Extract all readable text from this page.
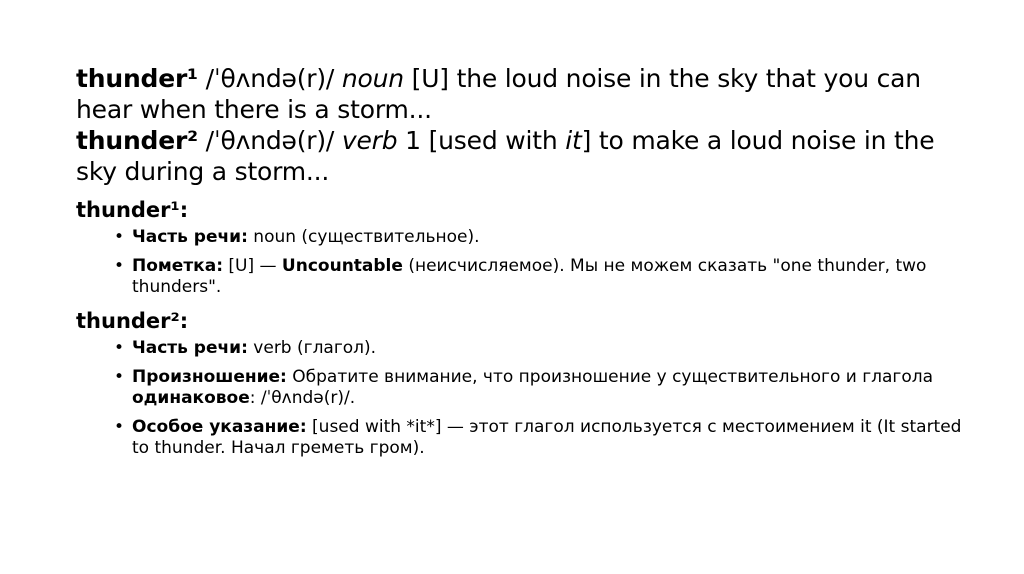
thunder¹ /ˈθʌndə(r)/ noun [U] the loud noise in the sky that you can hear when there is a storm...
thunder² /ˈθʌndə(r)/ verb 1 [used with it] to make a loud noise in the sky during a storm...
thunder¹:
• Часть речи: noun (существительное).
• Пометка: [U] — Uncountable (неисчисляемое). Мы не можем сказать "one thunder, two thunders".
thunder²:
• Часть речи: verb (глагол).
• Произношение: Обратите внимание, что произношение у существительного и глагола одинаковое: /ˈθʌndə(r)/.
• Особое указание: [used with *it*] — этот глагол используется с местоимением it (It started to thunder. Начал греметь гром).
